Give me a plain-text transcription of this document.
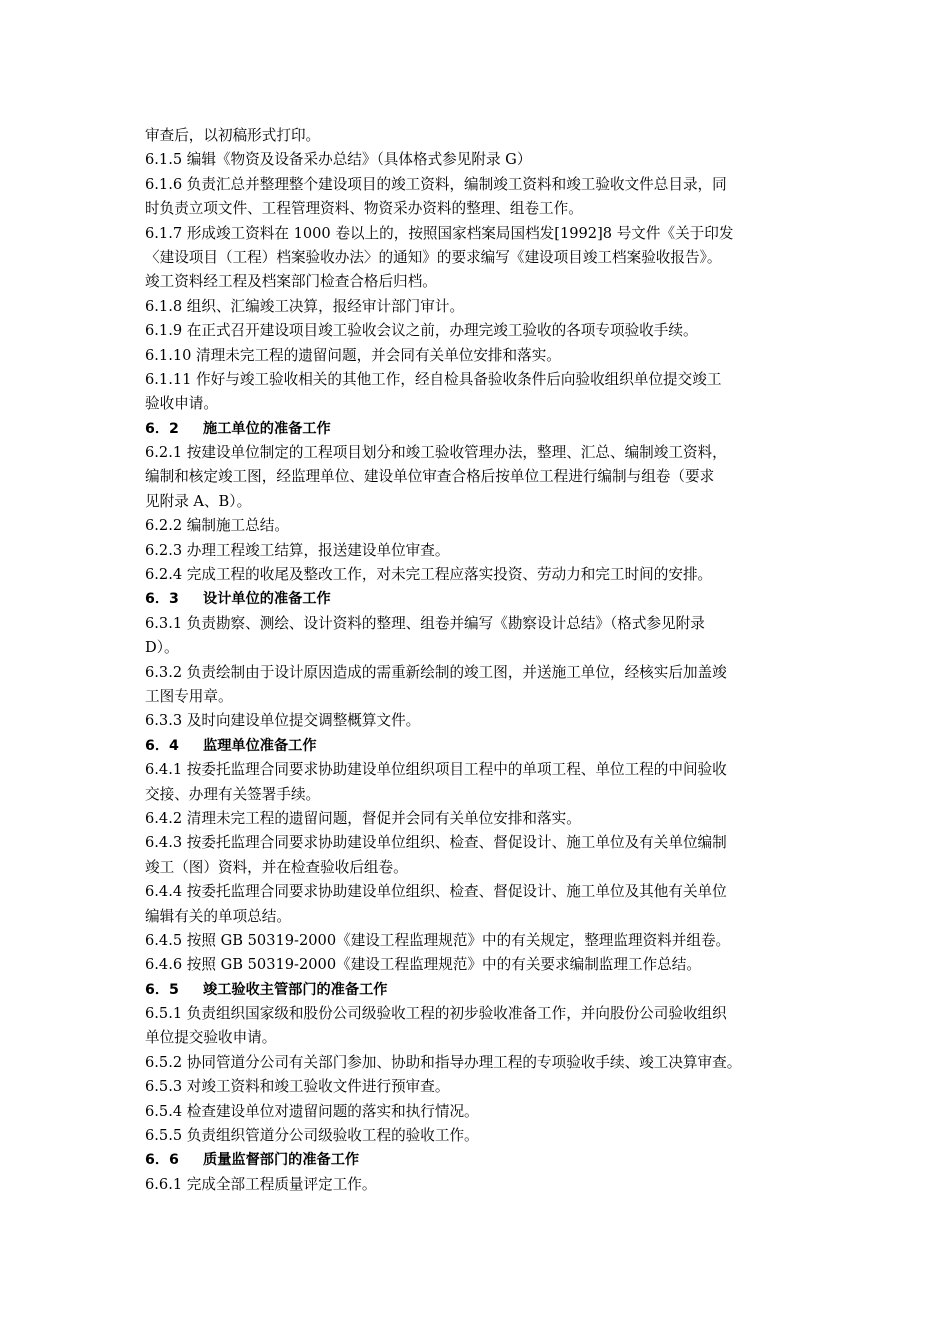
审查后，以初稿形式打印。
6.1.5 编辑《物资及设备采办总结》（具体格式参见附录 G）
6.1.6 负责汇总并整理整个建设项目的竣工资料，编制竣工资料和竣工验收文件总目录，同
时负责立项文件、工程管理资料、物资采办资料的整理、组卷工作。
6.1.7 形成竣工资料在 1000 卷以上的，按照国家档案局国档发[1992]8 号文件《关于印发
〈建设项目（工程）档案验收办法〉的通知》的要求编写《建设项目竣工档案验收报告》。
竣工资料经工程及档案部门检查合格后归档。
6.1.8 组织、汇编竣工决算，报经审计部门审计。
6.1.9 在正式召开建设项目竣工验收会议之前，办理完竣工验收的各项专项验收手续。
6.1.10 清理未完工程的遗留问题，并会同有关单位安排和落实。
6.1.11 作好与竣工验收相关的其他工作，经自检具备验收条件后向验收组织单位提交竣工
验收申请。
6．2 施工单位的准备工作
6.2.1 按建设单位制定的工程项目划分和竣工验收管理办法，整理、汇总、编制竣工资料，
编制和核定竣工图，经监理单位、建设单位审查合格后按单位工程进行编制与组卷（要求
见附录 A、B）。
6.2.2 编制施工总结。
6.2.3 办理工程竣工结算，报送建设单位审查。
6.2.4 完成工程的收尾及整改工作，对未完工程应落实投资、劳动力和完工时间的安排。
6．3 设计单位的准备工作
6.3.1 负责勘察、测绘、设计资料的整理、组卷并编写《勘察设计总结》（格式参见附录
D）。
6.3.2 负责绘制由于设计原因造成的需重新绘制的竣工图，并送施工单位，经核实后加盖竣
工图专用章。
6.3.3 及时向建设单位提交调整概算文件。
6．4 监理单位准备工作
6.4.1 按委托监理合同要求协助建设单位组织项目工程中的单项工程、单位工程的中间验收
交接、办理有关签署手续。
6.4.2 清理未完工程的遗留问题，督促并会同有关单位安排和落实。
6.4.3 按委托监理合同要求协助建设单位组织、检查、督促设计、施工单位及有关单位编制
竣工（图）资料，并在检查验收后组卷。
6.4.4 按委托监理合同要求协助建设单位组织、检查、督促设计、施工单位及其他有关单位
编辑有关的单项总结。
6.4.5 按照 GB 50319-2000《建设工程监理规范》中的有关规定，整理监理资料并组卷。
6.4.6 按照 GB 50319-2000《建设工程监理规范》中的有关要求编制监理工作总结。
6．5 竣工验收主管部门的准备工作
6.5.1 负责组织国家级和股份公司级验收工程的初步验收准备工作，并向股份公司验收组织
单位提交验收申请。
6.5.2 协同管道分公司有关部门参加、协助和指导办理工程的专项验收手续、竣工决算审查。
6.5.3 对竣工资料和竣工验收文件进行预审查。
6.5.4 检查建设单位对遗留问题的落实和执行情况。
6.5.5 负责组织管道分公司级验收工程的验收工作。
6．6 质量监督部门的准备工作
6.6.1 完成全部工程质量评定工作。
